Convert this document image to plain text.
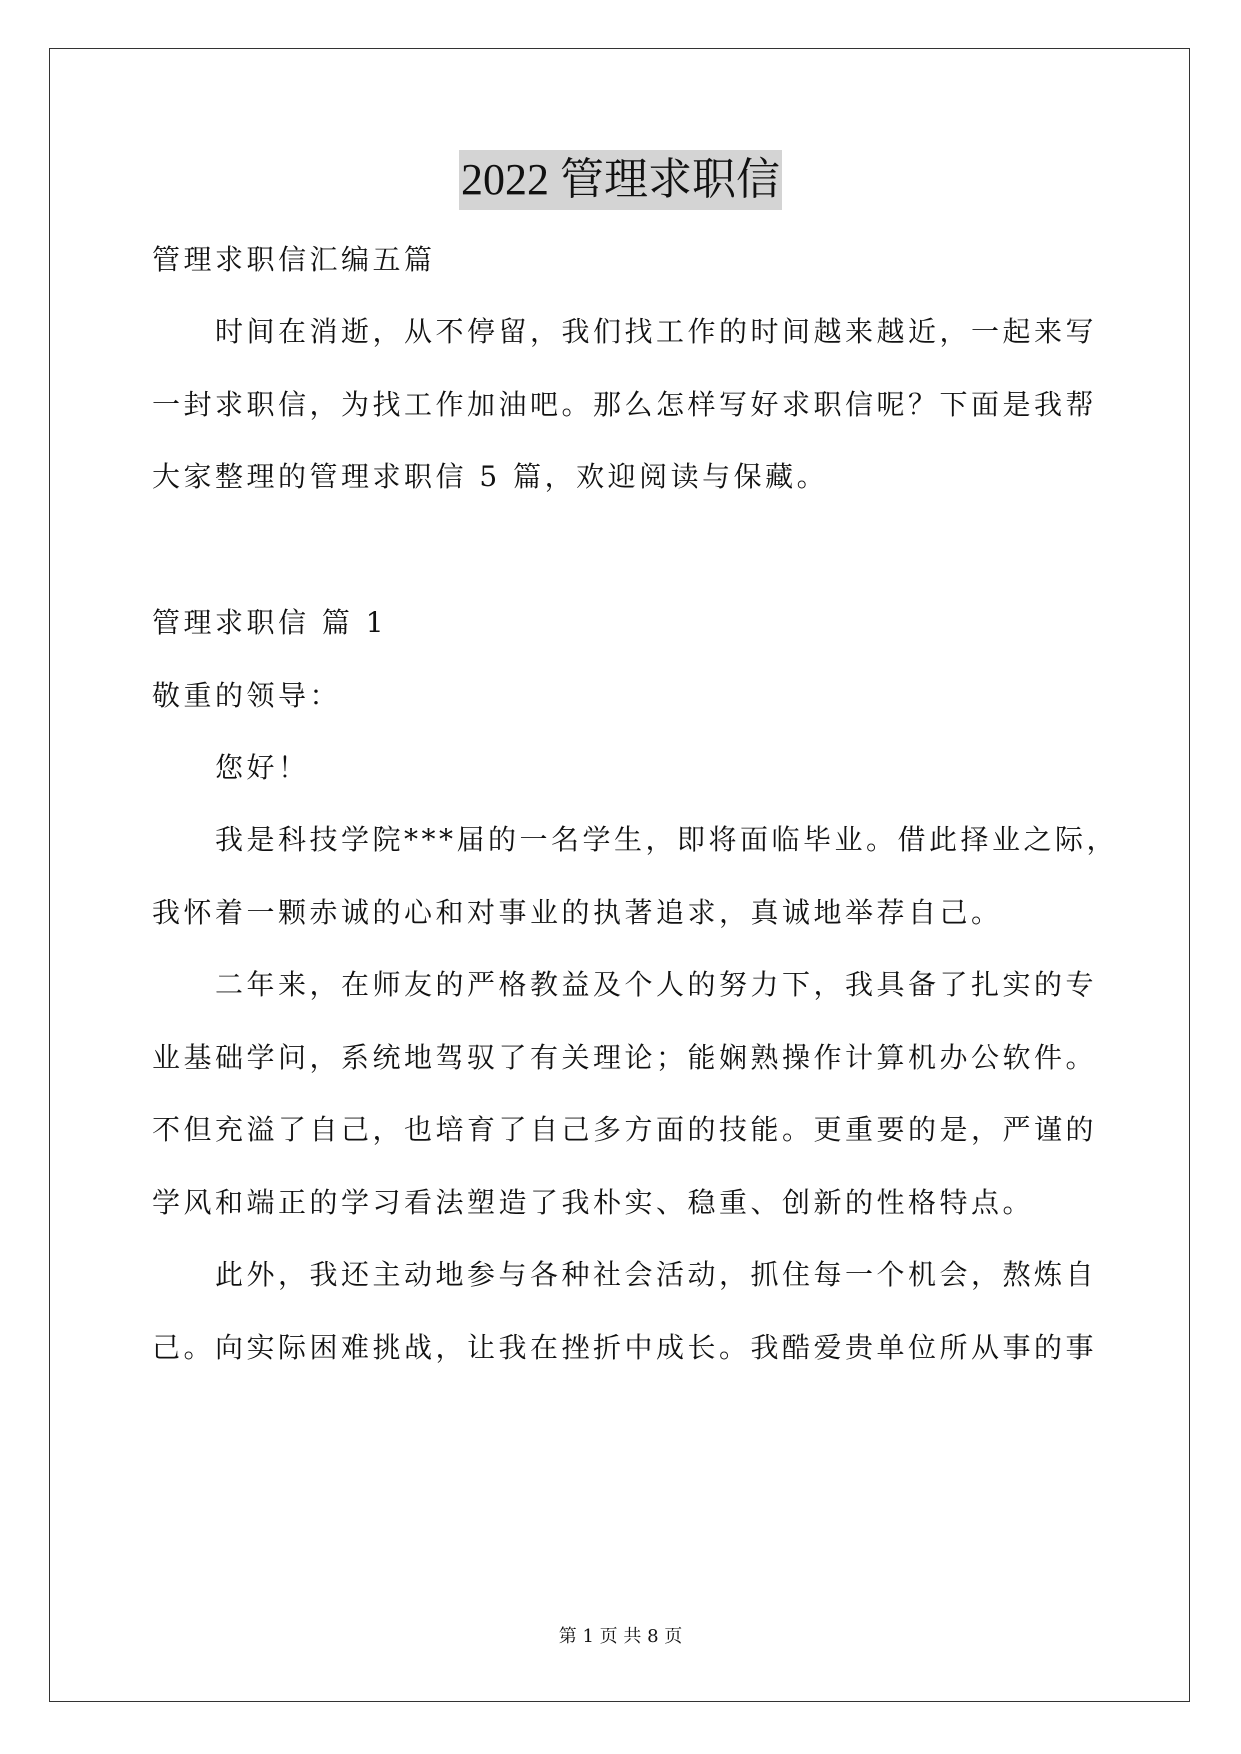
2022 管理求职信
管理求职信汇编五篇
时间在消逝，从不停留，我们找工作的时间越来越近，一起来写
一封求职信，为找工作加油吧。那么怎样写好求职信呢？下面是我帮
大家整理的管理求职信 5 篇，欢迎阅读与保藏。
管理求职信 篇 1
敬重的领导：
您好！
我是科技学院***届的一名学生，即将面临毕业。借此择业之际，
我怀着一颗赤诚的心和对事业的执著追求，真诚地举荐自己。
二年来，在师友的严格教益及个人的努力下，我具备了扎实的专
业基础学问，系统地驾驭了有关理论；能娴熟操作计算机办公软件。
不但充溢了自己，也培育了自己多方面的技能。更重要的是，严谨的
学风和端正的学习看法塑造了我朴实、稳重、创新的性格特点。
此外，我还主动地参与各种社会活动，抓住每一个机会，熬炼自
己。向实际困难挑战，让我在挫折中成长。我酷爱贵单位所从事的事
第 1 页 共 8 页
